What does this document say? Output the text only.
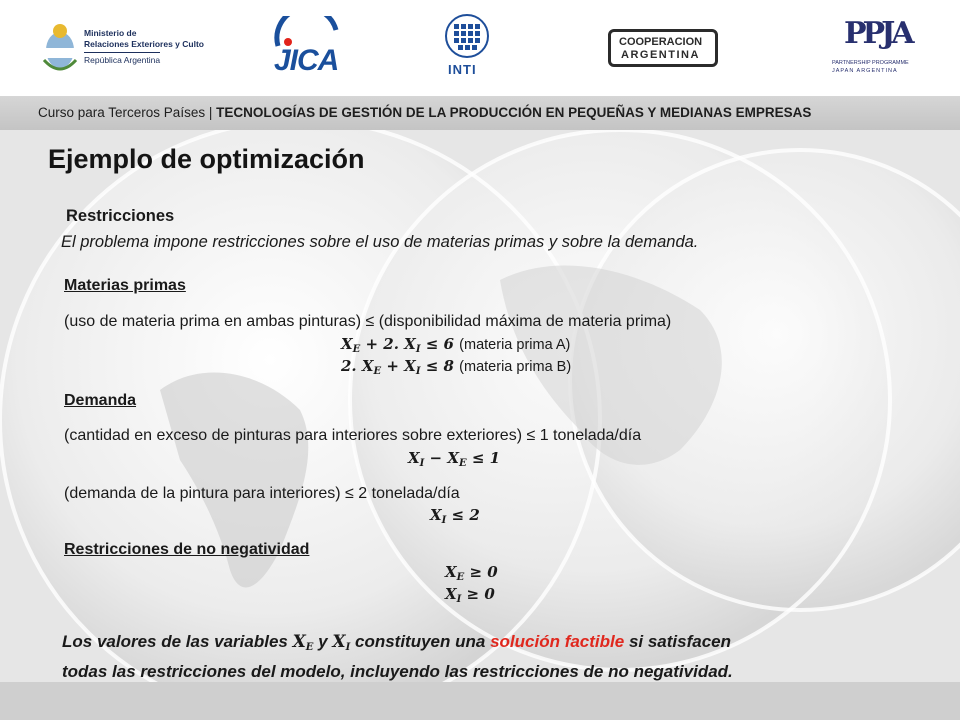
Ministerio de
Relaciones Exteriores y Culto
República Argentina	JICA	INTI
COOPERACION
ARGENTINA
PPJA
PARTNERSHIP PROGRAMME
JAPAN ARGENTINA
Curso para Terceros Países | TECNOLOGÍAS DE GESTIÓN DE LA PRODUCCIÓN EN PEQUEÑAS Y MEDIANAS EMPRESAS
Ejemplo de optimización
Restricciones
El problema impone restricciones sobre el uso de materias primas y sobre la demanda.
Materias primas
(uso de materia prima en ambas pinturas) ≤ (disponibilidad máxima de materia prima)
$X_E + 2$. $X_I \le 6$ (materia prima A)
2. $X_E + X_I \le 8$ (materia prima B)
Demanda
(cantidad en exceso de pinturas para interiores sobre exteriores) ≤ 1 tonelada/día
$X_I - X_E \le 1$
(demanda de la pintura para interiores) ≤ 2 tonelada/día
$X_I \le 2$
Restricciones de no negatividad
$X_E \ge 0$
$X_I \ge 0$
Los valores de las variables $X_E$ y $X_I$ constituyen una solución factible si satisfacen
todas las restricciones del modelo, incluyendo las restricciones de no negatividad.
